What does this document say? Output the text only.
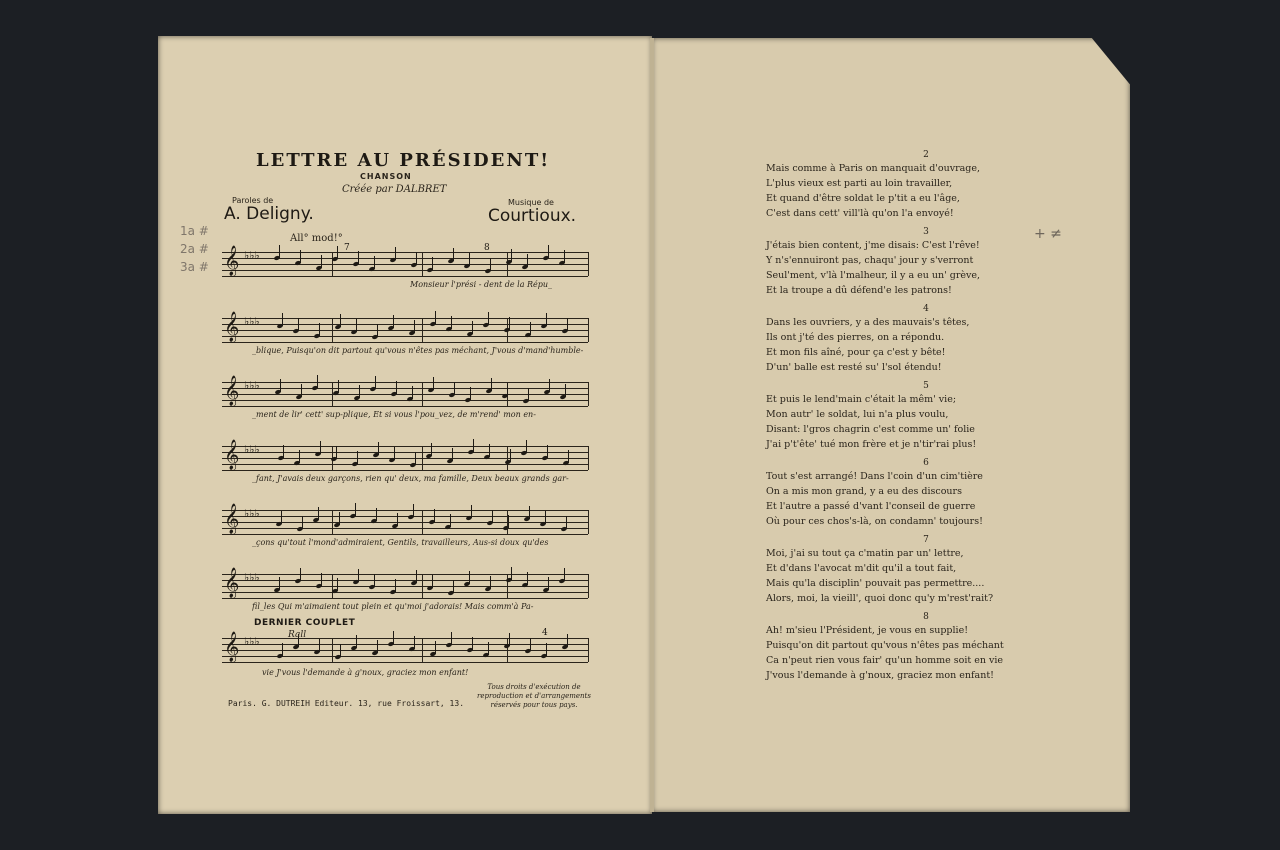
LETTRE AU PRÉSIDENT!
CHANSON
Créée par DALBRET
Paroles de
A. Deligny.
Musique de
Courtioux.
All° mod!°
1a #
2a #
3a # 𝄞 ♭♭♭
𝄞 ♭♭♭
𝄞 ♭♭♭
𝄞 ♭♭♭
𝄞 ♭♭♭
𝄞 ♭♭♭
𝄞 ♭♭♭
7	8
4
Monsieur l'prési - dent de la Répu_
_blique, Puisqu'on dit partout qu'vous n'êtes pas méchant, J'vous d'mand'humble-
_ment de lir' cett' sup-plique, Et si vous l'pou_vez, de m'rend' mon en-
_fant, J'avais deux garçons, rien qu' deux, ma famille, Deux beaux grands gar-
_çons qu'tout l'mond'admiraient, Gentils, travailleurs, Aus-si doux qu'des
fil_les Qui m'aimaient tout plein et qu'moi j'adorais! Mais comm'à Pa-
vie J'vous l'demande à g'noux, graciez mon enfant!
DERNIER COUPLET
Rall
Tous droits d'exécution de reproduction et d'arrangements réservés pour tous pays.
Paris. G. DUTREIH Editeur. 13, rue Froissart, 13.
2
Mais comme à Paris on manquait d'ouvrage,
L'plus vieux est parti au loin travailler,
Et quand d'être soldat le p'tit a eu l'âge,
C'est dans cett' vill'là qu'on l'a envoyé!
3
J'étais bien content, j'me disais: C'est l'rêve!
Y n's'ennuiront pas, chaqu' jour y s'verront
Seul'ment, v'là l'malheur, il y a eu un' grève,
Et la troupe a dû défend'e les patrons!
4
Dans les ouvriers, y a des mauvais's têtes,
Ils ont j'té des pierres, on a répondu.
Et mon fils aîné, pour ça c'est y bête!
D'un' balle est resté su' l'sol étendu!
5
Et puis le lend'main c'était la mêm' vie;
Mon autr' le soldat, lui n'a plus voulu,
Disant: l'gros chagrin c'est comme un' folie
J'ai p't'ête' tué mon frère et je n'tir'rai plus!
6
Tout s'est arrangé! Dans l'coin d'un cim'tière
On a mis mon grand, y a eu des discours
Et l'autre a passé d'vant l'conseil de guerre
Où pour ces chos's-là, on condamn' toujours!
7
Moi, j'ai su tout ça c'matin par un' lettre,
Et d'dans l'avocat m'dit qu'il a tout fait,
Mais qu'la disciplin' pouvait pas permettre....
Alors, moi, la vieill', quoi donc qu'y m'rest'rait?
8
Ah! m'sieu l'Président, je vous en supplie!
Puisqu'on dit partout qu'vous n'êtes pas méchant
Ca n'peut rien vous fair' qu'un homme soit en vie
J'vous l'demande à g'noux, graciez mon enfant!
+ ≠
